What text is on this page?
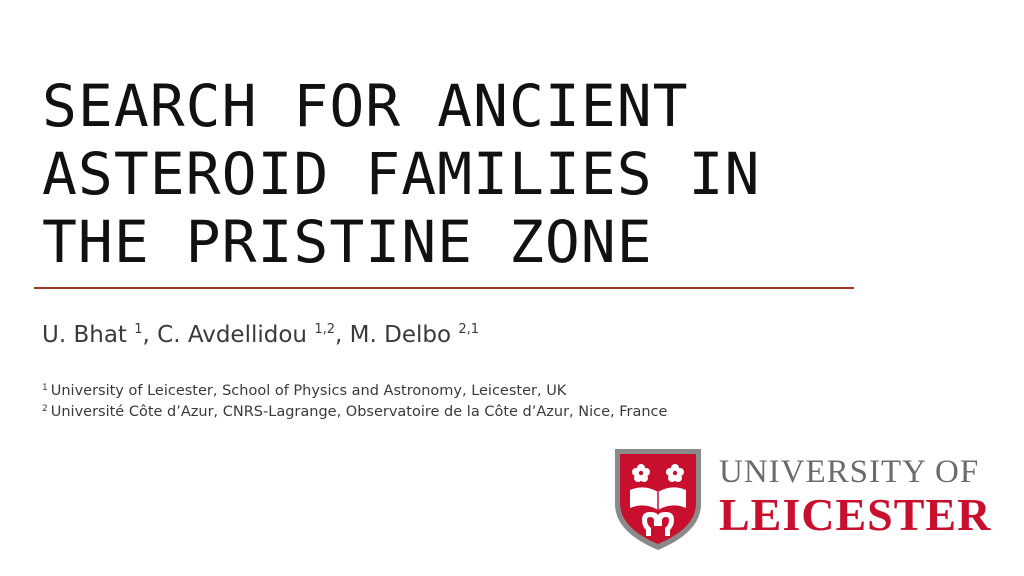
SEARCH FOR ANCIENT
ASTEROID FAMILIES IN
THE PRISTINE ZONE
U. Bhat $^1$, C. Avdellidou $^{1,2}$, M. Delbo $^{2,1}$
$^1$ University of Leicester, School of Physics and Astronomy, Leicester, UK
$^2$ Université Côte d’Azur, CNRS-Lagrange, Observatoire de la Côte d’Azur, Nice, France
UNIVERSITY OF
LEICESTER
